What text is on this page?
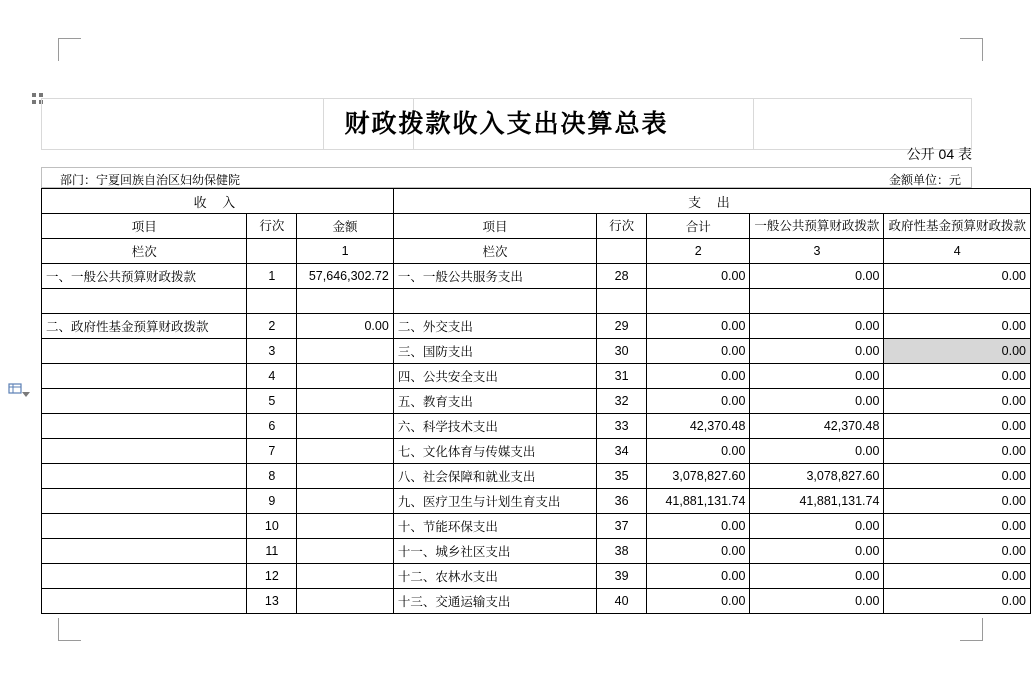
财政拨款收入支出决算总表
公开 04 表
部门：宁夏回族自治区妇幼保健院	金额单位：元
收 入			支 出				
项目	行次	金额	项目	行次	合计	一般公共预算财政拨款	政府性基金预算财政拨款
栏次		1	栏次		2	3	4
一、一般公共预算财政拨款	1	57,646,302.72	一、一般公共服务支出	28	0.00	0.00	0.00

二、政府性基金预算财政拨款	2	0.00	二、外交支出	29	0.00	0.00	0.00
	3		三、国防支出	30	0.00	0.00	0.00
	4		四、公共安全支出	31	0.00	0.00	0.00
	5		五、教育支出	32	0.00	0.00	0.00
	6		六、科学技术支出	33	42,370.48	42,370.48	0.00
	7		七、文化体育与传媒支出	34	0.00	0.00	0.00
	8		八、社会保障和就业支出	35	3,078,827.60	3,078,827.60	0.00
	9		九、医疗卫生与计划生育支出	36	41,881,131.74	41,881,131.74	0.00
	10		十、节能环保支出	37	0.00	0.00	0.00
	11		十一、城乡社区支出	38	0.00	0.00	0.00
	12		十二、农林水支出	39	0.00	0.00	0.00
	13		十三、交通运输支出	40	0.00	0.00	0.00
